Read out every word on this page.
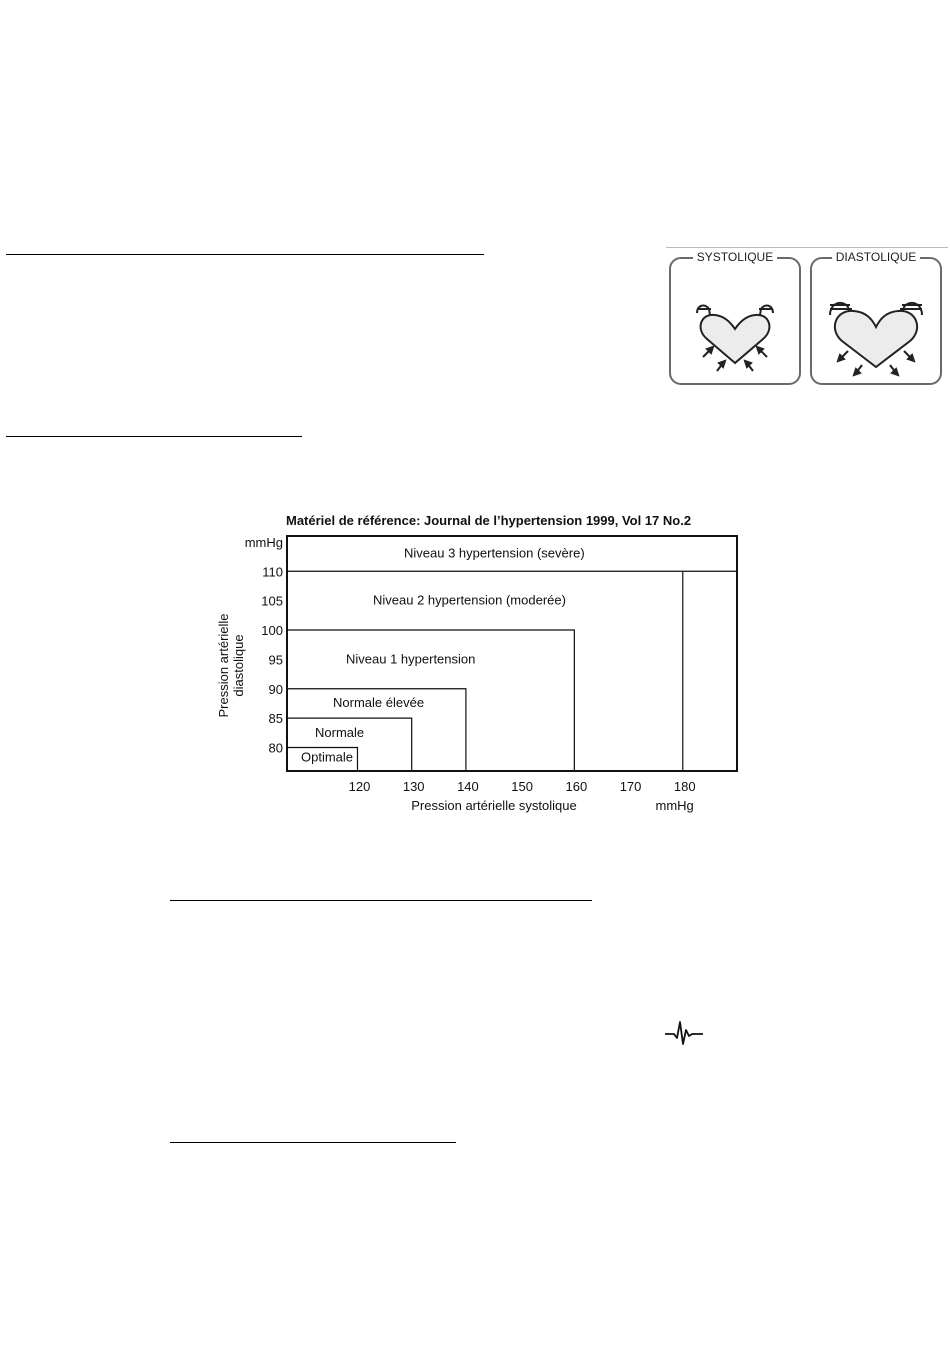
SYSTOLIQUE	DIASTOLIQUE
Matériel de référence: Journal de l’hypertension 1999, Vol 17 No.2
mmHg
Optimale
Normale
Normale élevée
Niveau 1 hypertension
Niveau 2 hypertension (moderée)
Niveau 3 hypertension (sevère)
120	130	140	150	160	170	180
80
85
90
95
100
105
110
Pression artérielle diastolique
Pression artérielle systolique	mmHg
